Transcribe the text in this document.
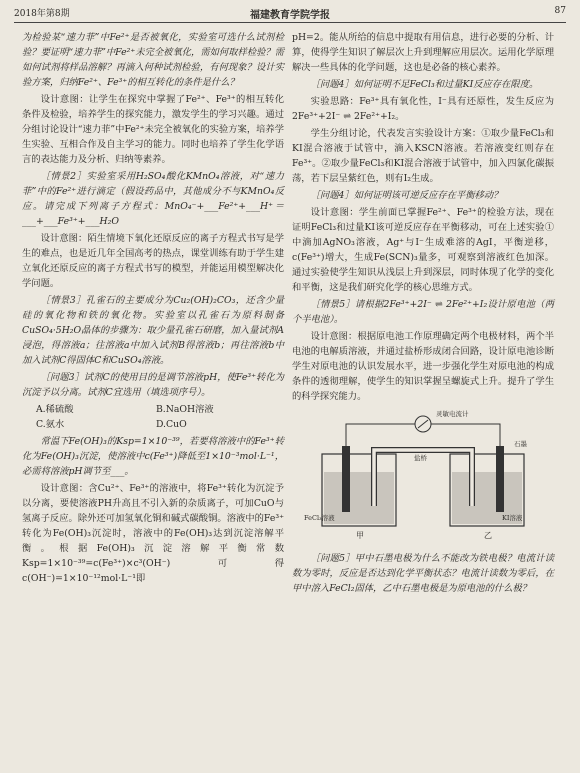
2018年第8期	福建教育学院学报	87

为检验某“速力菲”中Fe²⁺是否被氧化，实验室可选什么试剂检验？要证明“速力菲”中Fe²⁺未完全被氧化，需如何取样检验？需如何试剂将样品溶解？再滴入何种试剂检验，有何现象？设计实验方案，归纳Fe²⁺、Fe³⁺的相互转化的条件是什么？

设计意图：让学生在探究中掌握了Fe²⁺、Fe³⁺的相互转化条件及检验，培养学生的探究能力，激发学生的学习兴趣。通过分组讨论设计“速力菲”中Fe²⁺未完全被氧化的实验方案，培养学生实验、互相合作及自主学习的能力。同时也培养了学生化学语言的表达能力及分析、归纳等素养。

［情景2］实验室采用H₂SO₄酸化KMnO₄溶液，对“速力菲”中的Fe²⁺进行滴定（假设药品中，其他成分不与KMnO₄反应。请完成下列离子方程式：MnO₄⁻+___Fe²⁺+___H⁺＝___+___Fe³⁺+___H₂O

设计意图：陌生情境下氧化还原反应的离子方程式书写是学生的难点，也是近几年全国高考的热点，课堂训练有助于学生建立氧化还原反应的离子方程式书写的模型，并能运用模型解决化学问题。

［情景3］孔雀石的主要成分为Cu₂(OH)₂CO₃，还含少量硅的氧化物和铁的氧化物。实验室以孔雀石为原料制备CuSO₄·5H₂O晶体的步骤为：取少量孔雀石研磨，加入量试剂A浸泡，得溶液a；往溶液a中加入试剂B得溶液b；再往溶液b中加入试剂C得固体C和CuSO₄溶液。

［问题3］试剂C的使用目的是调节溶液pH，使Fe³⁺转化为沉淀予以分离。试剂C宜选用（填选项序号）。

A.稀硫酸	B.NaOH溶液
C.氨水	D.CuO

常温下Fe(OH)₃的Ksp=1×10⁻³⁹，若要将溶液中的Fe³⁺转化为Fe(OH)₃沉淀，使溶液中c(Fe³⁺)降低至1×10⁻³mol·L⁻¹，必需将溶液pH调节至___。

设计意图：含Cu²⁺、Fe³⁺的溶液中，将Fe³⁺转化为沉淀予以分离，要使溶液PH升高且不引入新的杂质离子，可加CuO与氢离子反应。除外还可加氢氧化铜和碱式碳酸铜。溶液中的Fe³⁺转化为Fe(OH)₃沉淀时，溶液中的Fe(OH)₃达到沉淀溶解平衡。根据Fe(OH)₃沉淀溶解平衡常数Ksp=1×10⁻³⁹=c(Fe³⁺)×c³(OH⁻)可得c(OH⁻)=1×10⁻¹²mol·L⁻¹即

pH=2。能从所给的信息中提取有用信息，进行必要的分析、计算，使得学生知识了解层次上升到理解应用层次。运用化学原理解决一些具体的化学问题，这也是必备的核心素养。

［问题4］如何证明不足FeCl₃和过量KI反应存在限度。

实验思路：Fe³⁺具有氧化性，I⁻具有还原性，发生反应为2Fe³⁺+2I⁻ ⇌ 2Fe²⁺+I₂。

学生分组讨论，代表发言实验设计方案：①取少量FeCl₃和KI混合溶液于试管中，滴入KSCN溶液。若溶液变红则存在Fe³⁺。②取少量FeCl₃和KI混合溶液于试管中，加入四氯化碳振荡，若下层呈紫红色，则有I₂生成。

［问题4］如何证明该可逆反应存在平衡移动？

设计意图：学生前面已掌握Fe²⁺、Fe³⁺的检验方法，现在证明FeCl₃和过量KI该可逆反应存在平衡移动，可在上述实验①中滴加AgNO₃溶液，Ag⁺与I⁻生成难溶的AgI，平衡逆移，c(Fe³⁺)增大，生成Fe(SCN)₃量多，可观察到溶液红色加深。通过实验使学生知识从浅层上升到深层，同时体现了化学的变化和平衡，这是我们研究化学的核心思维方式。

［情景5］请根据2Fe³⁺+2I⁻ ⇌ 2Fe²⁺+I₂设计原电池（两个半电池）。

设计意图：根据原电池工作原理确定两个电极材料，两个半电池的电解质溶液，并通过盐桥形成闭合回路，设计原电池诊断学生对原电池的认识发展水平，进一步强化学生对原电池的构成条件的透彻理解，使学生的知识掌握呈螺旋式上升。提升了学生的科学探究能力。

灵敏电流计
盐桥
石墨
FeCl₃溶液	KI溶液
甲	乙

［问题5］甲中石墨电极为什么不能改为铁电极？电流计读数为零时，反应是否达到化学平衡状态？电流计读数为零后，在甲中溶入FeCl₂固体，乙中石墨电极是为原电池的什么极？
